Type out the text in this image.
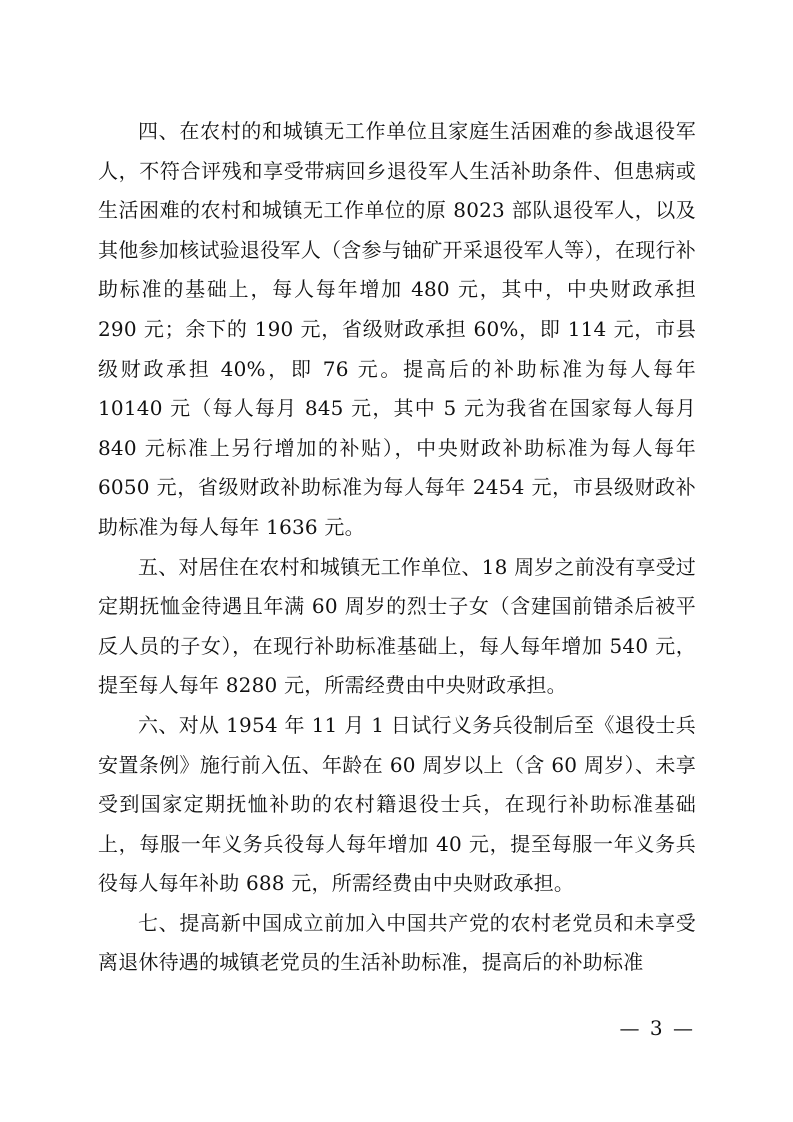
四、在农村的和城镇无工作单位且家庭生活困难的参战退役军人，不符合评残和享受带病回乡退役军人生活补助条件、但患病或生活困难的农村和城镇无工作单位的原 8023 部队退役军人，以及其他参加核试验退役军人（含参与铀矿开采退役军人等），在现行补助标准的基础上，每人每年增加 480 元，其中，中央财政承担 290 元；余下的 190 元，省级财政承担 60%，即 114 元，市县级财政承担 40%，即 76 元。提高后的补助标准为每人每年 10140 元（每人每月 845 元，其中 5 元为我省在国家每人每月 840 元标准上另行增加的补贴），中央财政补助标准为每人每年 6050 元，省级财政补助标准为每人每年 2454 元，市县级财政补助标准为每人每年 1636 元。

五、对居住在农村和城镇无工作单位、18 周岁之前没有享受过定期抚恤金待遇且年满 60 周岁的烈士子女（含建国前错杀后被平反人员的子女），在现行补助标准基础上，每人每年增加 540 元，提至每人每年 8280 元，所需经费由中央财政承担。

六、对从 1954 年 11 月 1 日试行义务兵役制后至《退役士兵安置条例》施行前入伍、年龄在 60 周岁以上（含 60 周岁）、未享受到国家定期抚恤补助的农村籍退役士兵，在现行补助标准基础上，每服一年义务兵役每人每年增加 40 元，提至每服一年义务兵役每人每年补助 688 元，所需经费由中央财政承担。

七、提高新中国成立前加入中国共产党的农村老党员和未享受离退休待遇的城镇老党员的生活补助标准，提高后的补助标准

— 3 —
